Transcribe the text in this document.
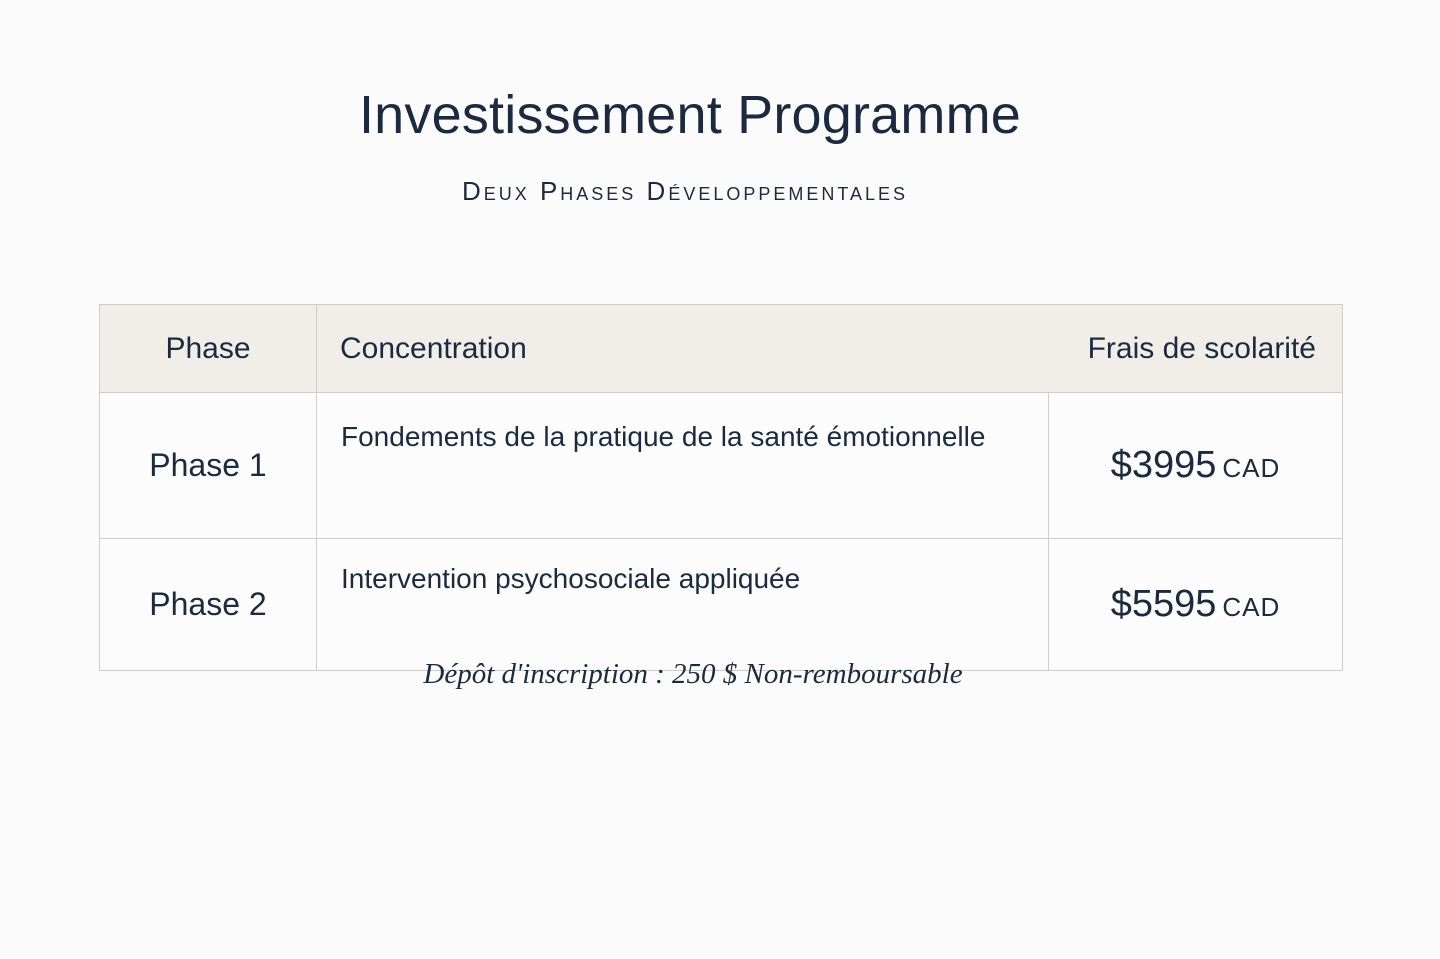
Investissement Programme

Deux Phases Développementales

Phase	Concentration	Frais de scolarité
Phase 1	Fondements de la pratique de la santé émotionnelle	$3995 CAD
Phase 2	Intervention psychosociale appliquée	$5595 CAD

Dépôt d'inscription : 250 $ Non-remboursable
